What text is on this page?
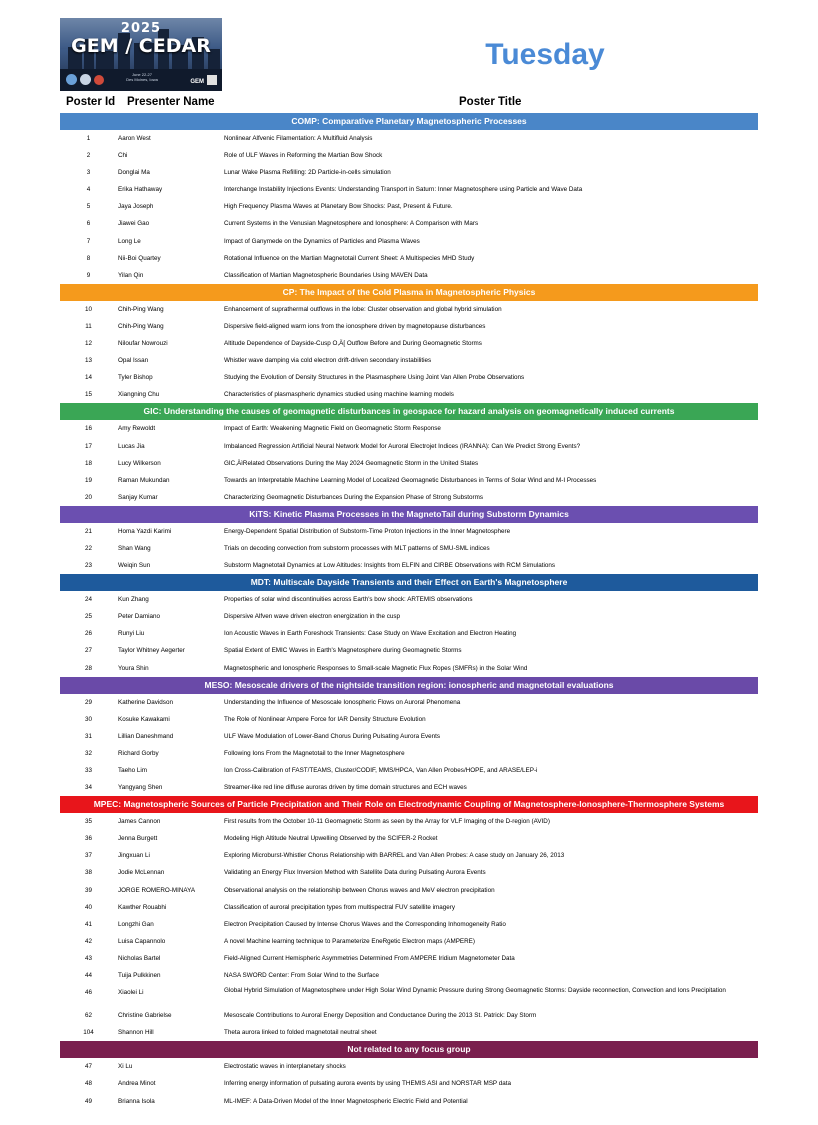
2025
GEM / CEDAR
June 22-27
Des Moines, Iowa	GEM
Tuesday
Poster Id Presenter Name	Poster Title
COMP: Comparative Planetary Magnetospheric Processes
1	Aaron West	Nonlinear Alfvenic Filamentation: A Multifluid Analysis
2	Chi	Role of ULF Waves in Reforming the Martian Bow Shock
3	Donglai Ma	Lunar Wake Plasma Refilling: 2D Particle-in-cells simulation
4	Erika Hathaway	Interchange Instability Injections Events: Understanding Transport in Saturn: Inner Magnetosphere using Particle and Wave Data
5	Jaya Joseph	High Frequency Plasma Waves at Planetary Bow Shocks: Past, Present & Future.
6	Jiawei Gao	Current Systems in the Venusian Magnetosphere and Ionosphere: A Comparison with Mars
7	Long Le	Impact of Ganymede on the Dynamics of Particles and Plasma Waves
8	Nii-Boi Quartey	Rotational Influence on the Martian Magnetotail Current Sheet: A Multispecies MHD Study
9	Yilan Qin	Classification of Martian Magnetospheric Boundaries Using MAVEN Data
CP: The Impact of the Cold Plasma in Magnetospheric Physics
10	Chih-Ping Wang	Enhancement of suprathermal outflows in the lobe: Cluster observation and global hybrid simulation
11	Chih-Ping Wang	Dispersive field-aligned warm ions from the ionosphere driven by magnetopause disturbances
12	Niloufar Nowrouzi	Altitude Dependence of Dayside-Cusp O,Ä[ Outflow Before and During Geomagnetic Storms
13	Opal Issan	Whistler wave damping via cold electron drift-driven secondary instabilities
14	Tyler Bishop	Studying the Evolution of Density Structures in the Plasmasphere Using Joint Van Allen Probe Observations
15	Xiangning Chu	Characteristics of plasmaspheric dynamics studied using machine learning models
GIC: Understanding the causes of geomagnetic disturbances in geospace for hazard analysis on geomagnetically induced currents
16	Amy Rewoldt	Impact of Earth: Weakening Magnetic Field on Geomagnetic Storm Response
17	Lucas Jia	Imbalanced Regression Artificial Neural Network Model for Auroral Electrojet Indices (IRANNA): Can We Predict Strong Events?
18	Lucy Wilkerson	GIC,ÄìRelated Observations During the May 2024 Geomagnetic Storm in the United States
19	Raman Mukundan	Towards an Interpretable Machine Learning Model of Localized Geomagnetic Disturbances in Terms of Solar Wind and M-I Processes
20	Sanjay Kumar	Characterizing Geomagnetic Disturbances During the Expansion Phase of Strong Substorms
KiTS: Kinetic Plasma Processes in the MagnetoTail during Substorm Dynamics
21	Homa Yazdi Karimi	Energy-Dependent Spatial Distribution of Substorm-Time Proton Injections in the Inner Magnetosphere
22	Shan Wang	Trials on decoding convection from substorm processes with MLT patterns of SMU-SML indices
23	Weiqin Sun	Substorm Magnetotail Dynamics at Low Altitudes: Insights from ELFIN and CIRBE Observations with RCM Simulations
MDT: Multiscale Dayside Transients and their Effect on Earth's Magnetosphere
24	Kun Zhang	Properties of solar wind discontinuities across Earth's bow shock: ARTEMIS observations
25	Peter Damiano	Dispersive Alfven wave driven electron energization in the cusp
26	Runyi Liu	Ion Acoustic Waves in Earth Foreshock Transients: Case Study on Wave Excitation and Electron Heating
27	Taylor Whitney Aegerter	Spatial Extent of EMIC Waves in Earth's Magnetosphere during Geomagnetic Storms
28	Youra Shin	Magnetospheric and Ionospheric Responses to Small-scale Magnetic Flux Ropes (SMFRs) in the Solar Wind
MESO: Mesoscale drivers of the nightside transition region: ionospheric and magnetotail evaluations
29	Katherine Davidson	Understanding the Influence of Mesoscale Ionospheric Flows on Auroral Phenomena
30	Kosuke Kawakami	The Role of Nonlinear Ampere Force for IAR Density Structure Evolution
31	Lillian Daneshmand	ULF Wave Modulation of Lower-Band Chorus During Pulsating Aurora Events
32	Richard Gorby	Following Ions From the Magnetotail to the Inner Magnetosphere
33	Taeho Lim	Ion Cross-Calibration of FAST/TEAMS, Cluster/CODIF, MMS/HPCA, Van Allen Probes/HOPE, and ARASE/LEP-i
34	Yangyang Shen	Streamer-like red line diffuse auroras driven by time domain structures and ECH waves
MPEC: Magnetospheric Sources of Particle Precipitation and Their Role on Electrodynamic Coupling of Magnetosphere-Ionosphere-Thermosphere Systems
35	James Cannon	First results from the October 10-11 Geomagnetic Storm as seen by the Array for VLF Imaging of the D-region (AVID)
36	Jenna Burgett	Modeling High Altitude Neutral Upwelling Observed by the SCIFER-2 Rocket
37	Jingxuan Li	Exploring Microburst-Whistler Chorus Relationship with BARREL and Van Allen Probes: A case study on January 26, 2013
38	Jodie McLennan	Validating an Energy Flux Inversion Method with Satellite Data during Pulsating Aurora Events
39	JORGE ROMERO-MINAYA	Observational analysis on the relationship between Chorus waves and MeV electron precipitation
40	Kawther Rouabhi	Classification of auroral precipitation types from multispectral FUV satellite imagery
41	Longzhi Gan	Electron Precipitation Caused by Intense Chorus Waves and the Corresponding Inhomogeneity Ratio
42	Luisa Capannolo	A novel Machine learning technique to Parameterize EneRgetic Electron maps (AMPERE)
43	Nicholas Bartel	Field-Aligned Current Hemispheric Asymmetries Determined From AMPERE Iridium Magnetometer Data
44	Tuija Pulkkinen	NASA SWORD Center: From Solar Wind to the Surface
46	Xiaolei Li	Global Hybrid Simulation of Magnetosphere under High Solar Wind Dynamic Pressure during Strong Geomagnetic Storms: Dayside reconnection, Convection and Ions Precipitation
62	Christine Gabrielse	Mesoscale Contributions to Auroral Energy Deposition and Conductance During the 2013 St. Patrick: Day Storm
104	Shannon Hill	Theta aurora linked to folded magnetotail neutral sheet
Not related to any focus group
47	Xi Lu	Electrostatic waves in interplanetary shocks
48	Andrea Minot	Inferring energy information of pulsating aurora events by using THEMIS ASI and NORSTAR MSP data
49	Brianna Isola	ML-IMEF: A Data-Driven Model of the Inner Magnetospheric Electric Field and Potential
